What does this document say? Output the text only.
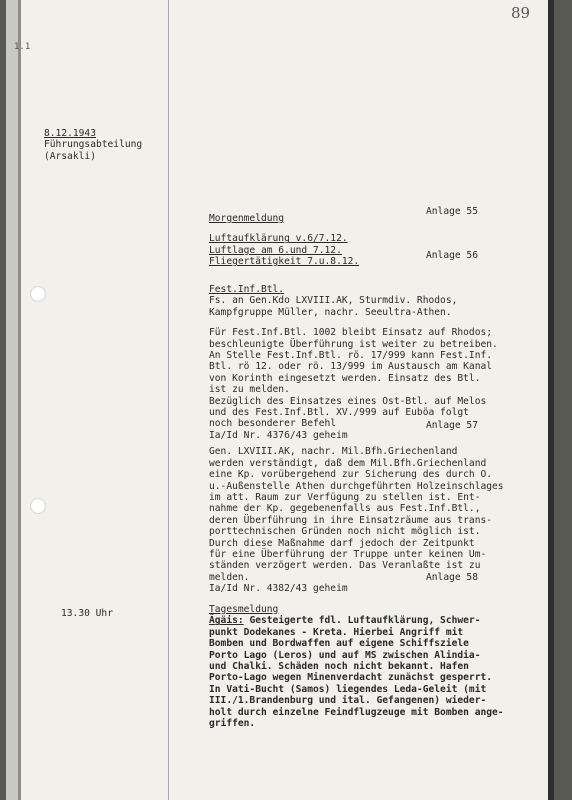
1.1
89
8.12.1943
Führungsabteilung
(Arsakli)
13.30 Uhr
Anlage 55
Anlage 56
Anlage 57
Anlage 58
Morgenmeldung
Luftaufklärung v.6/7.12.
Luftlage am 6.und 7.12.
Fliegertätigkeit 7.u.8.12.
Fest.Inf.Btl.
Fs. an Gen.Kdo LXVIII.AK, Sturmdiv. Rhodos,
Kampfgruppe Müller, nachr. Seeultra-Athen.
Für Fest.Inf.Btl. 1002 bleibt Einsatz auf Rhodos;
beschleunigte Überführung ist weiter zu betreiben.
An Stelle Fest.Inf.Btl. rö. 17/999 kann Fest.Inf.
Btl. rö 12. oder rö. 13/999 im Austausch am Kanal
von Korinth eingesetzt werden. Einsatz des Btl.
ist zu melden.
Bezüglich des Einsatzes eines Ost-Btl. auf Melos
und des Fest.Inf.Btl. XV./999 auf Euböa folgt
noch besonderer Befehl
Ia/Id Nr. 4376/43 geheim
Gen. LXVIII.AK, nachr. Mil.Bfh.Griechenland
werden verständigt, daß dem Mil.Bfh.Griechenland
eine Kp. vorübergehend zur Sicherung des durch O.
u.-Außenstelle Athen durchgeführten Holzeinschlages
im att. Raum zur Verfügung zu stellen ist. Ent-
nahme der Kp. gegebenenfalls aus Fest.Inf.Btl.,
deren Überführung in ihre Einsatzräume aus trans-
porttechnischen Gründen noch nicht möglich ist.
Durch diese Maßnahme darf jedoch der Zeitpunkt
für eine Überführung der Truppe unter keinen Um-
ständen verzögert werden. Das Veranlaßte ist zu
melden.
Ia/Id Nr. 4382/43 geheim
Tagesmeldung
Ägäis: Gesteigerte fdl. Luftaufklärung, Schwer-
punkt Dodekanes - Kreta. Hierbei Angriff mit
Bomben und Bordwaffen auf eigene Schiffsziele
Porto Lago (Leros) und auf MS zwischen Alindia-
und Chalki. Schäden noch nicht bekannt. Hafen
Porto-Lago wegen Minenverdacht zunächst gesperrt.
In Vati-Bucht (Samos) liegendes Leda-Geleit (mit
III./1.Brandenburg und ital. Gefangenen) wieder-
holt durch einzelne Feindflugzeuge mit Bomben ange-
griffen.
